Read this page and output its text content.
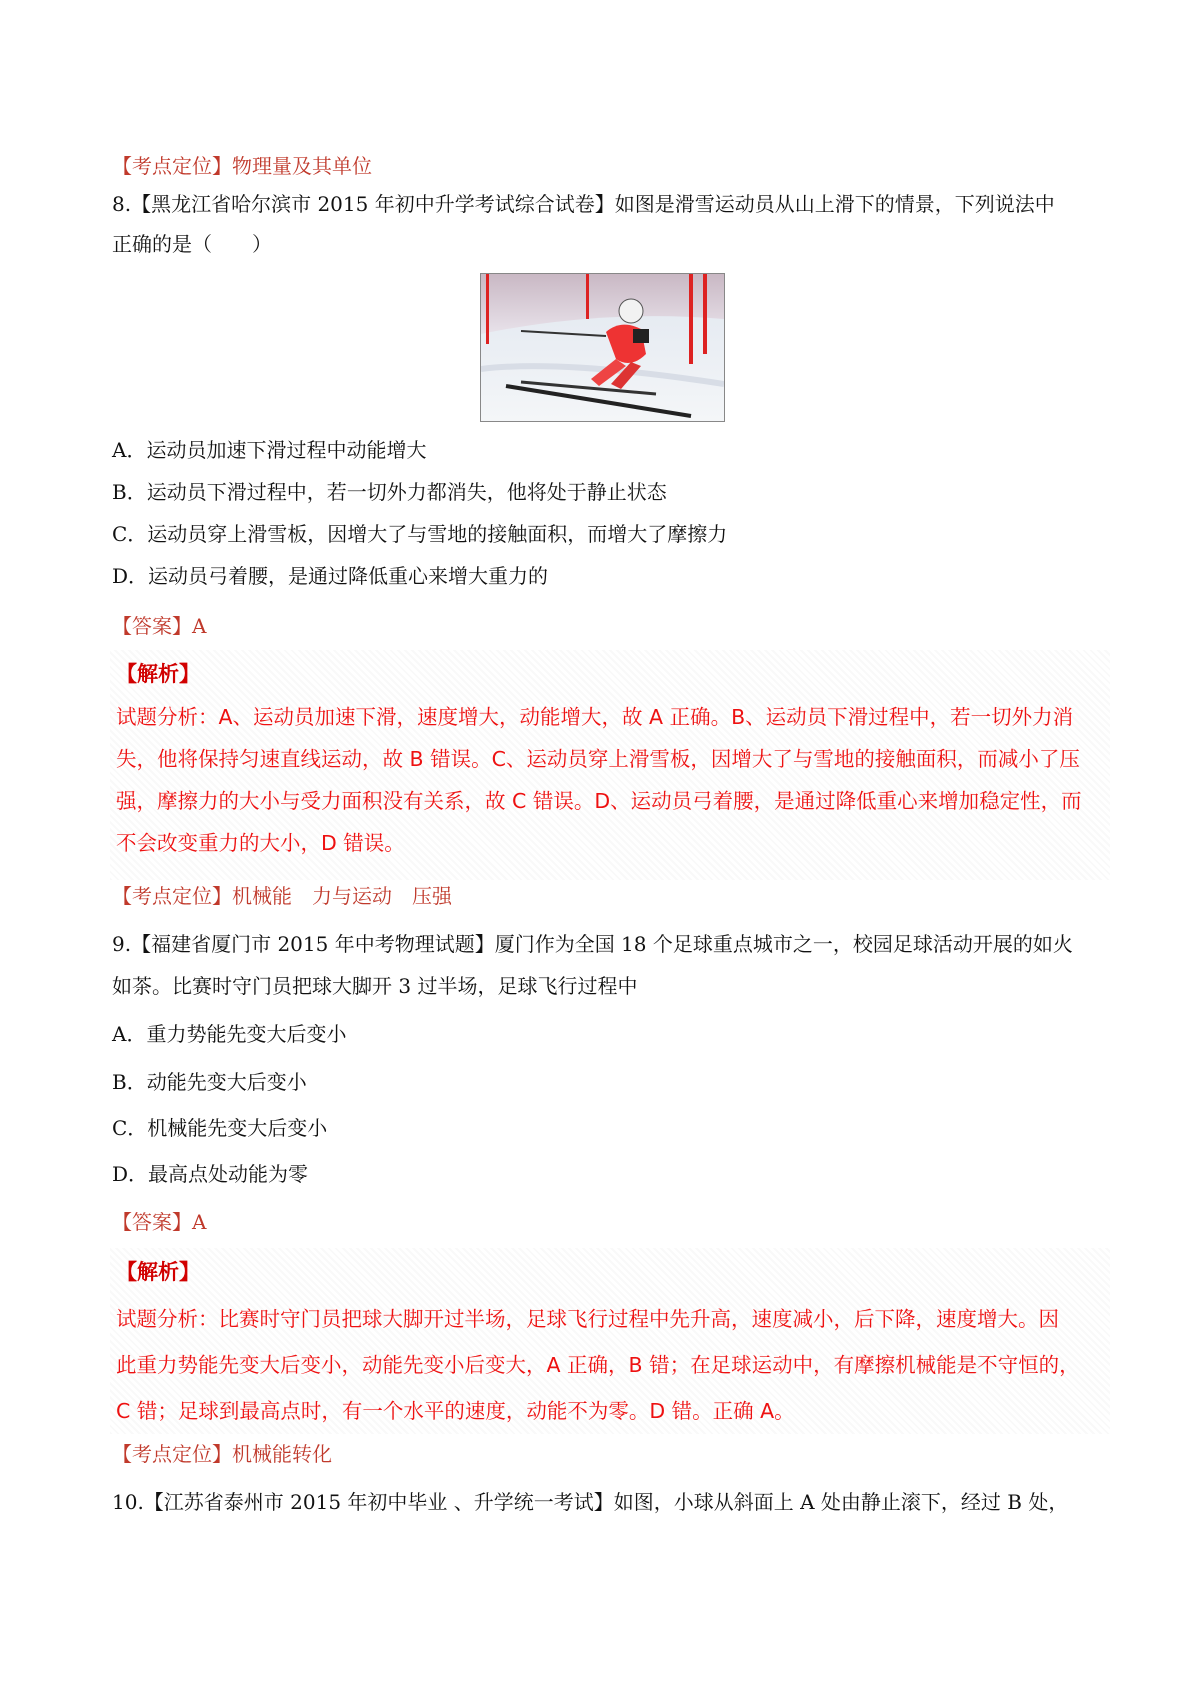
【考点定位】物理量及其单位
8.【黑龙江省哈尔滨市 2015 年初中升学考试综合试卷】如图是滑雪运动员从山上滑下的情景，下列说法中
正确的是（　　）
A．运动员加速下滑过程中动能增大
B．运动员下滑过程中，若一切外力都消失，他将处于静止状态
C．运动员穿上滑雪板，因增大了与雪地的接触面积，而增大了摩擦力
D．运动员弓着腰，是通过降低重心来增大重力的
【答案】A
【解析】
试题分析：A、运动员加速下滑，速度增大，动能增大，故 A 正确。B、运动员下滑过程中，若一切外力消
失，他将保持匀速直线运动，故 B 错误。C、运动员穿上滑雪板，因增大了与雪地的接触面积，而减小了压
强，摩擦力的大小与受力面积没有关系，故 C 错误。D、运动员弓着腰，是通过降低重心来增加稳定性，而
不会改变重力的大小，D 错误。
【考点定位】机械能　力与运动　压强
9.【福建省厦门市 2015 年中考物理试题】厦门作为全国 18 个足球重点城市之一，校园足球活动开展的如火
如茶。比赛时守门员把球大脚开 3 过半场，足球飞行过程中
A．重力势能先变大后变小
B．动能先变大后变小
C．机械能先变大后变小
D．最高点处动能为零
【答案】A
【解析】
试题分析：比赛时守门员把球大脚开过半场，足球飞行过程中先升高，速度减小，后下降，速度增大。因
此重力势能先变大后变小，动能先变小后变大，A 正确，B 错；在足球运动中，有摩擦机械能是不守恒的，
C 错；足球到最高点时，有一个水平的速度，动能不为零。D 错。正确 A。
【考点定位】机械能转化
10.【江苏省泰州市 2015 年初中毕业 、升学统一考试】如图，小球从斜面上 A 处由静止滚下，经过 B 处，
